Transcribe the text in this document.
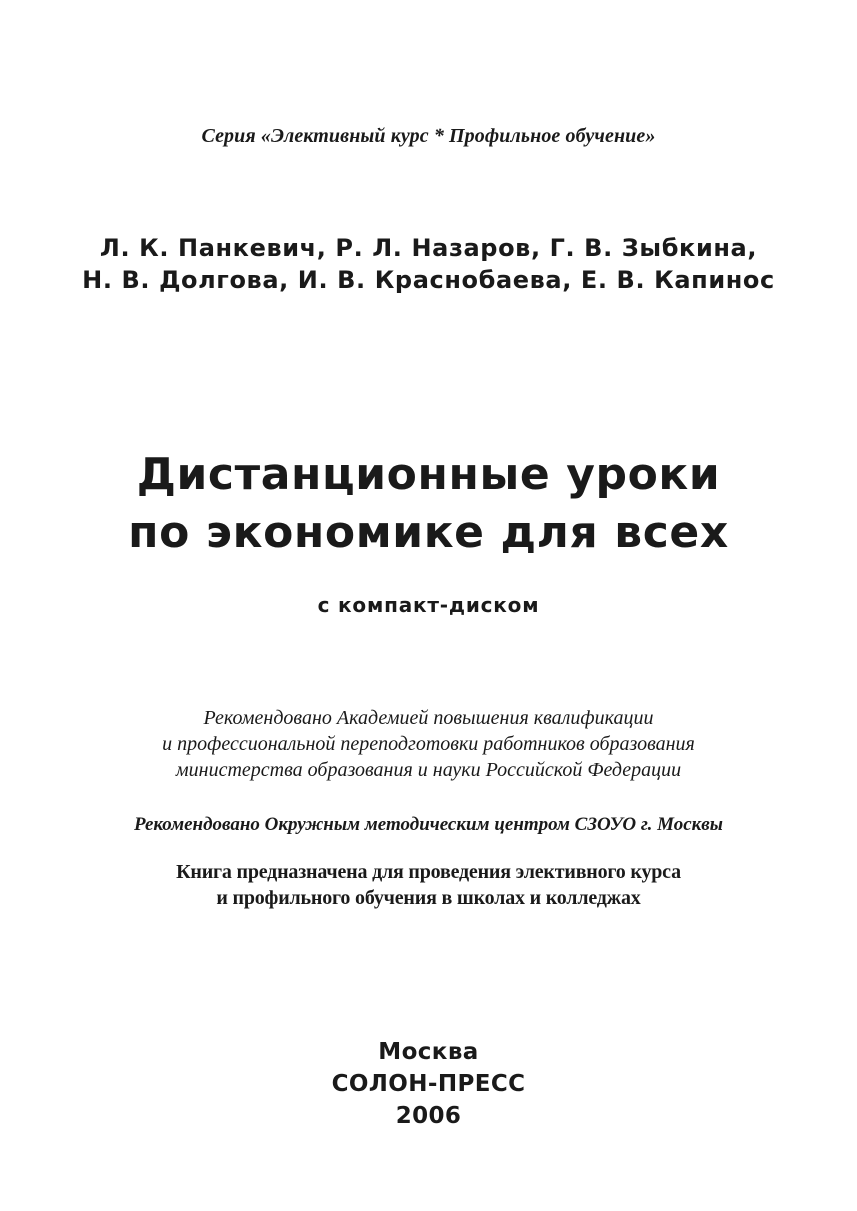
Серия «Элективный курс * Профильное обучение»
Л. К. Панкевич, Р. Л. Назаров, Г. В. Зыбкина,
Н. В. Долгова, И. В. Краснобаева, Е. В. Капинос
Дистанционные уроки
по экономике для всех
с компакт-диском
Рекомендовано Академией повышения квалификации
и профессиональной переподготовки работников образования
министерства образования и науки Российской Федерации
Рекомендовано Окружным методическим центром СЗОУО г. Москвы
Книга предназначена для проведения элективного курса
и профильного обучения в школах и колледжах
Москва
СОЛОН-ПРЕСС
2006
